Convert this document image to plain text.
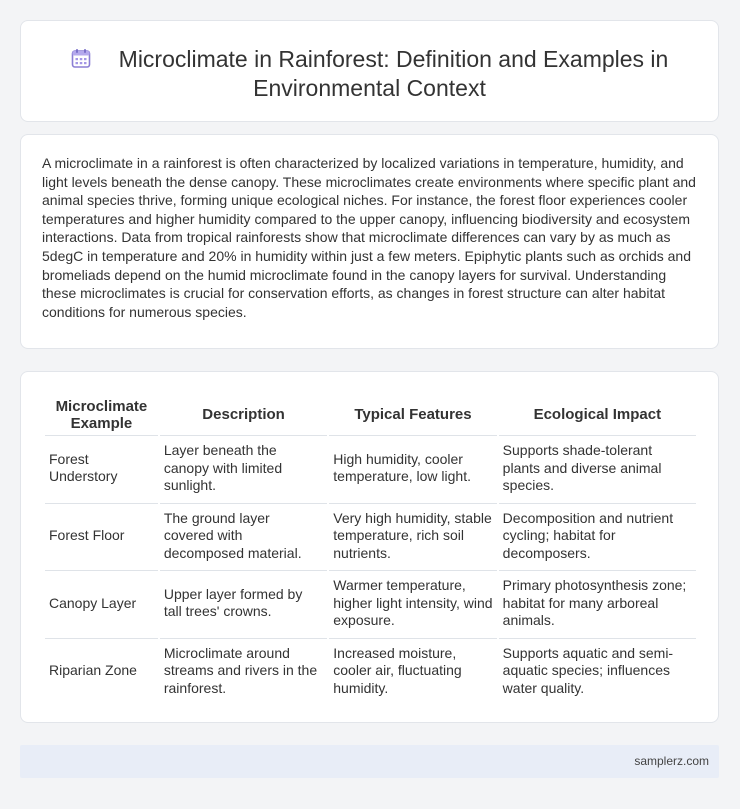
Microclimate in Rainforest: Definition and Examples in Environmental Context

A microclimate in a rainforest is often characterized by localized variations in temperature, humidity, and light levels beneath the dense canopy. These microclimates create environments where specific plant and animal species thrive, forming unique ecological niches. For instance, the forest floor experiences cooler temperatures and higher humidity compared to the upper canopy, influencing biodiversity and ecosystem interactions. Data from tropical rainforests show that microclimate differences can vary by as much as 5degC in temperature and 20% in humidity within just a few meters. Epiphytic plants such as orchids and bromeliads depend on the humid microclimate found in the canopy layers for survival. Understanding these microclimates is crucial for conservation efforts, as changes in forest structure can alter habitat conditions for numerous species.

Microclimate Example	Description	Typical Features	Ecological Impact
Forest Understory	Layer beneath the canopy with limited sunlight.	High humidity, cooler temperature, low light.	Supports shade-tolerant plants and diverse animal species.
Forest Floor	The ground layer covered with decomposed material.	Very high humidity, stable temperature, rich soil nutrients.	Decomposition and nutrient cycling; habitat for decomposers.
Canopy Layer	Upper layer formed by tall trees' crowns.	Warmer temperature, higher light intensity, wind exposure.	Primary photosynthesis zone; habitat for many arboreal animals.
Riparian Zone	Microclimate around streams and rivers in the rainforest.	Increased moisture, cooler air, fluctuating humidity.	Supports aquatic and semi-aquatic species; influences water quality.
samplerz.com
